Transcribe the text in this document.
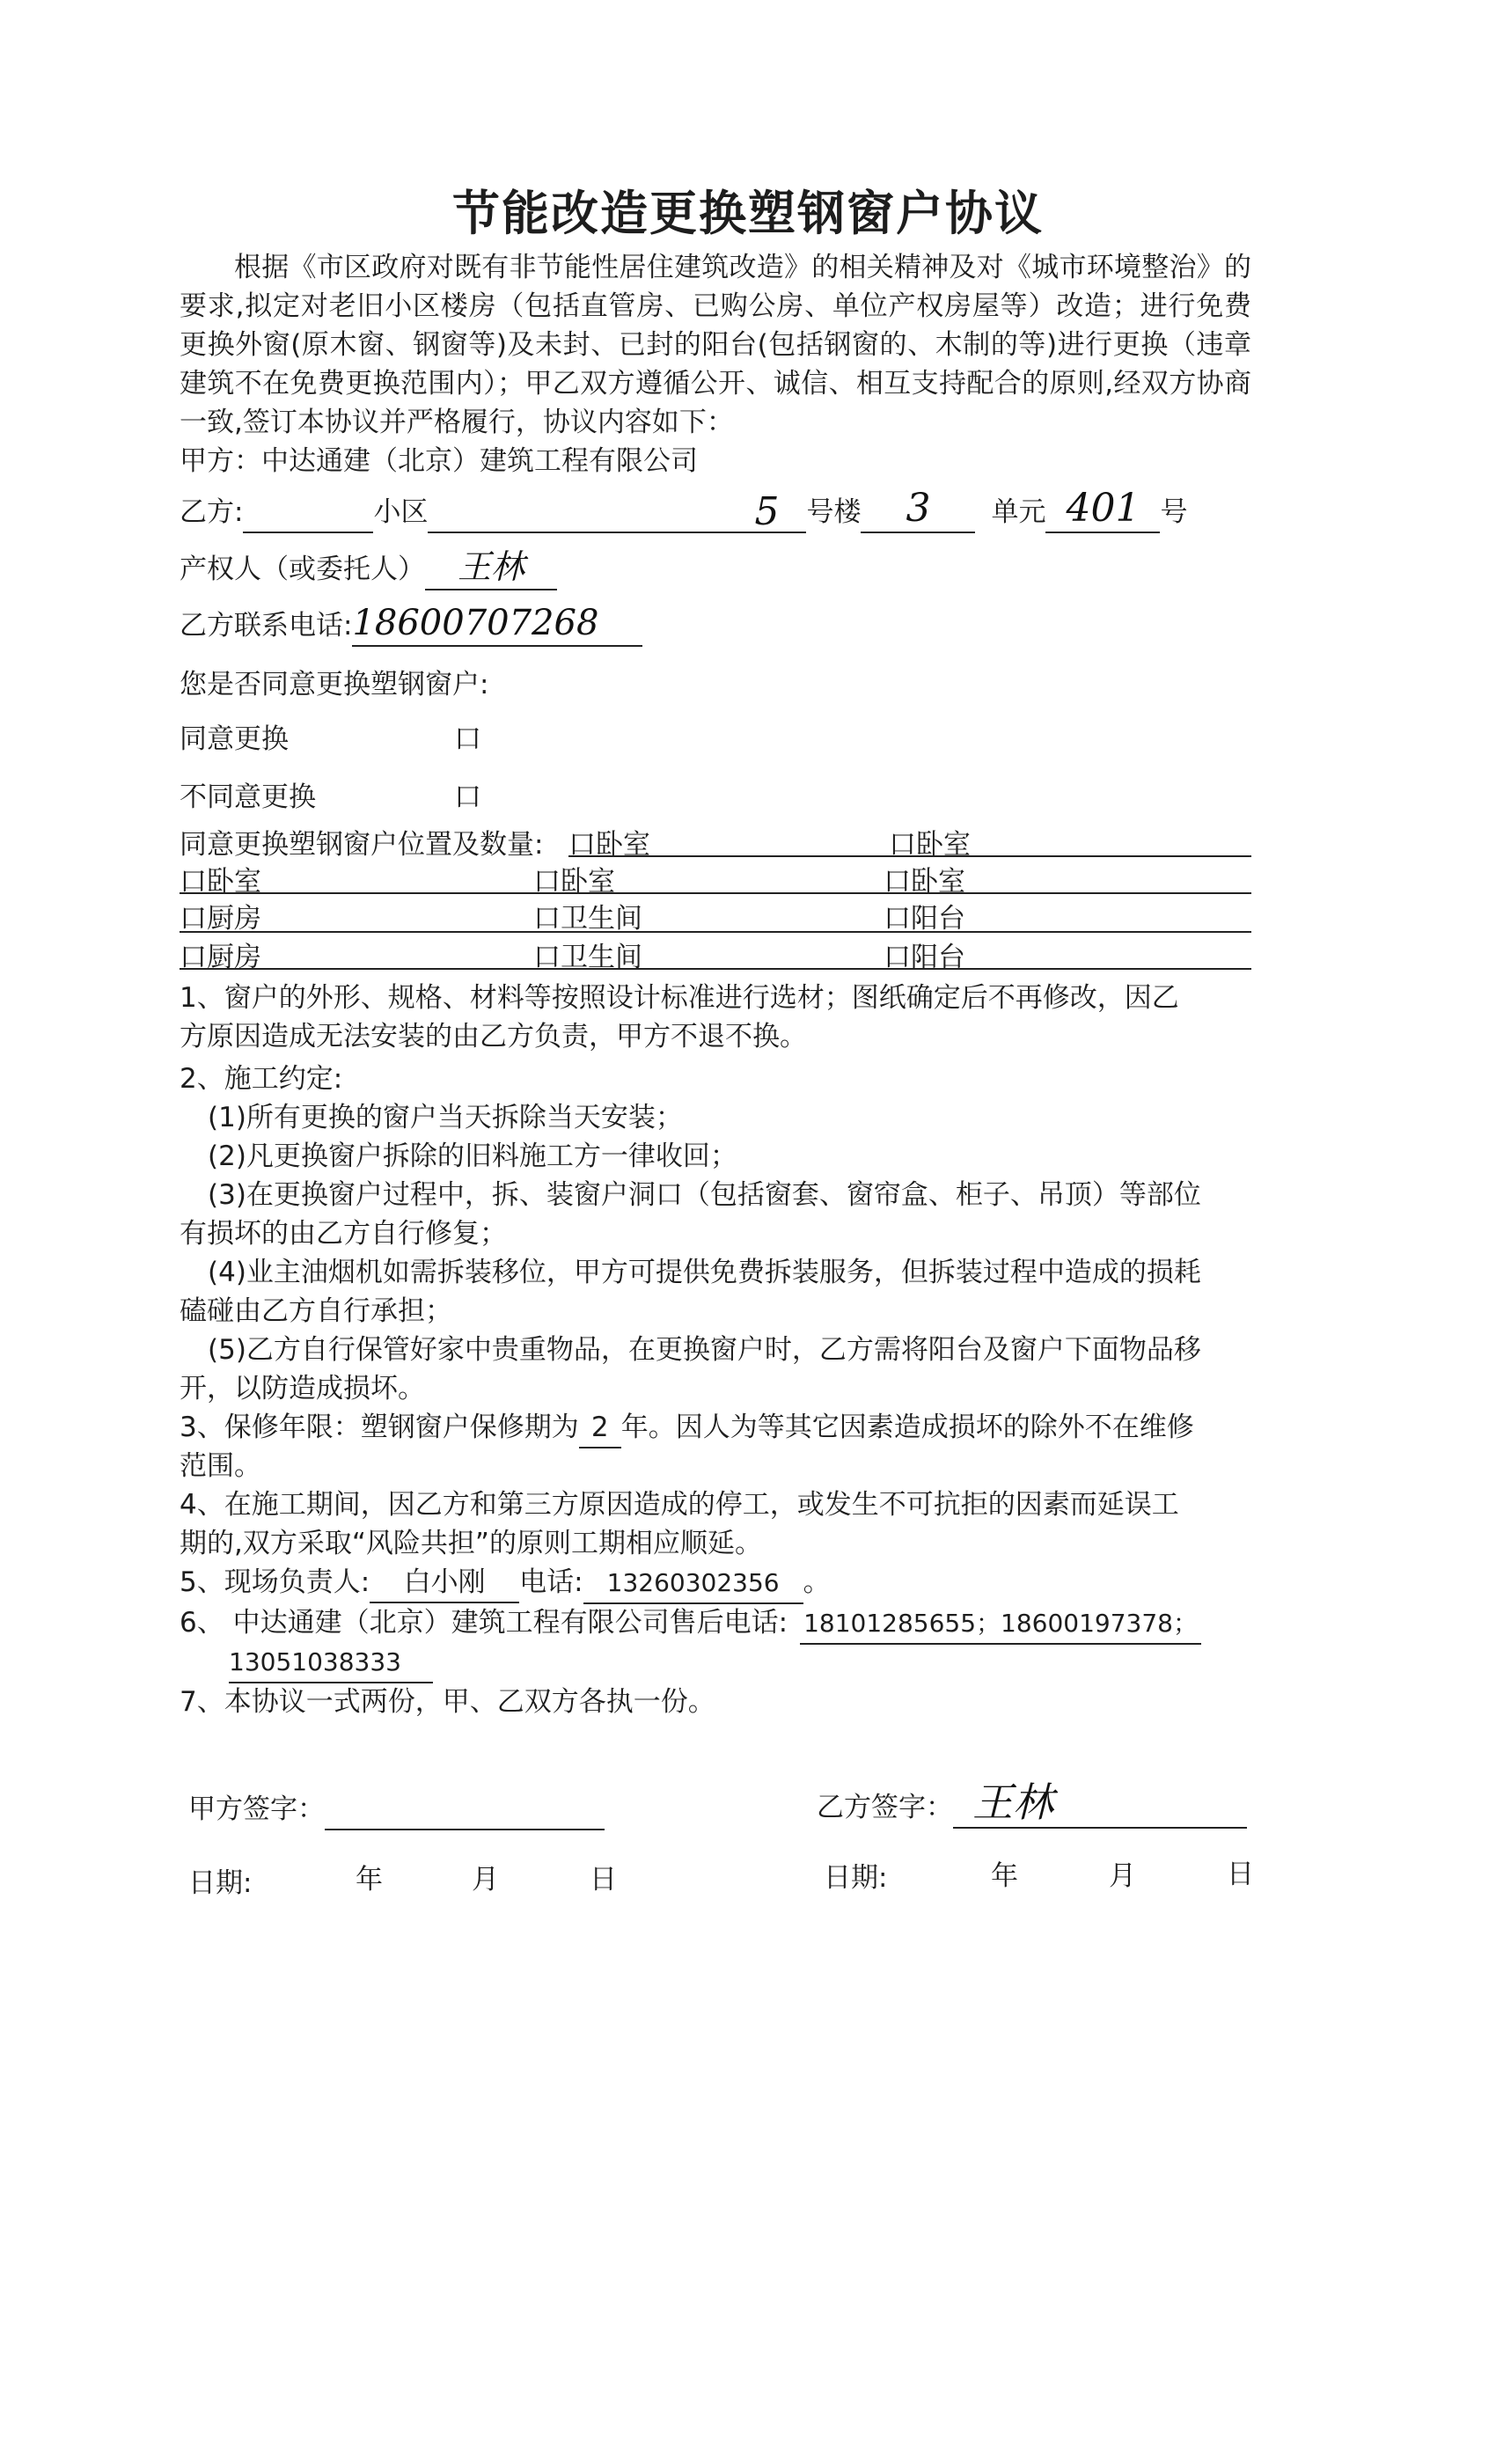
节能改造更换塑钢窗户协议
根据《市区政府对既有非节能性居住建筑改造》的相关精神及对《城市环境整治》的要求,拟定对老旧小区楼房（包括直管房、已购公房、单位产权房屋等）改造；进行免费更换外窗(原木窗、钢窗等)及未封、已封的阳台(包括钢窗的、木制的等)进行更换（违章建筑不在免费更换范围内）；甲乙双方遵循公开、诚信、相互支持配合的原则,经双方协商一致,签订本协议并严格履行，协议内容如下：
甲方：中达通建（北京）建筑工程有限公司
乙方:	小区	5 号楼 3 单元 401 号
产权人（或委托人） 王林
乙方联系电话:18600707268
您是否同意更换塑钢窗户:
同意更换	口
不同意更换	口
同意更换塑钢窗户位置及数量: 口卧室	口卧室
口卧室	口卧室	口卧室
口厨房	口卫生间	口阳台
口厨房	口卫生间	口阳台
1、窗户的外形、规格、材料等按照设计标准进行选材；图纸确定后不再修改，因乙
方原因造成无法安装的由乙方负责，甲方不退不换。
2、施工约定:
(1)所有更换的窗户当天拆除当天安装；
(2)凡更换窗户拆除的旧料施工方一律收回；
(3)在更换窗户过程中，拆、装窗户洞口（包括窗套、窗帘盒、柜子、吊顶）等部位
有损坏的由乙方自行修复；
(4)业主油烟机如需拆装移位，甲方可提供免费拆装服务，但拆装过程中造成的损耗
磕碰由乙方自行承担；
(5)乙方自行保管好家中贵重物品，在更换窗户时，乙方需将阳台及窗户下面物品移
开，以防造成损坏。
3、保修年限：塑钢窗户保修期为 2 年。因人为等其它因素造成损坏的除外不在维修
范围。
4、在施工期间，因乙方和第三方原因造成的停工，或发生不可抗拒的因素而延误工
期的,双方采取“风险共担”的原则工期相应顺延。
5、现场负责人: 白小刚 电话: 13260302356 。
6、 中达通建（北京）建筑工程有限公司售后电话: 18101285655；18600197378；
13051038333
7、本协议一式两份，甲、乙双方各执一份。
甲方签字：	乙方签字： 王林
日期:	年	月	日	日期:	年	月	日
